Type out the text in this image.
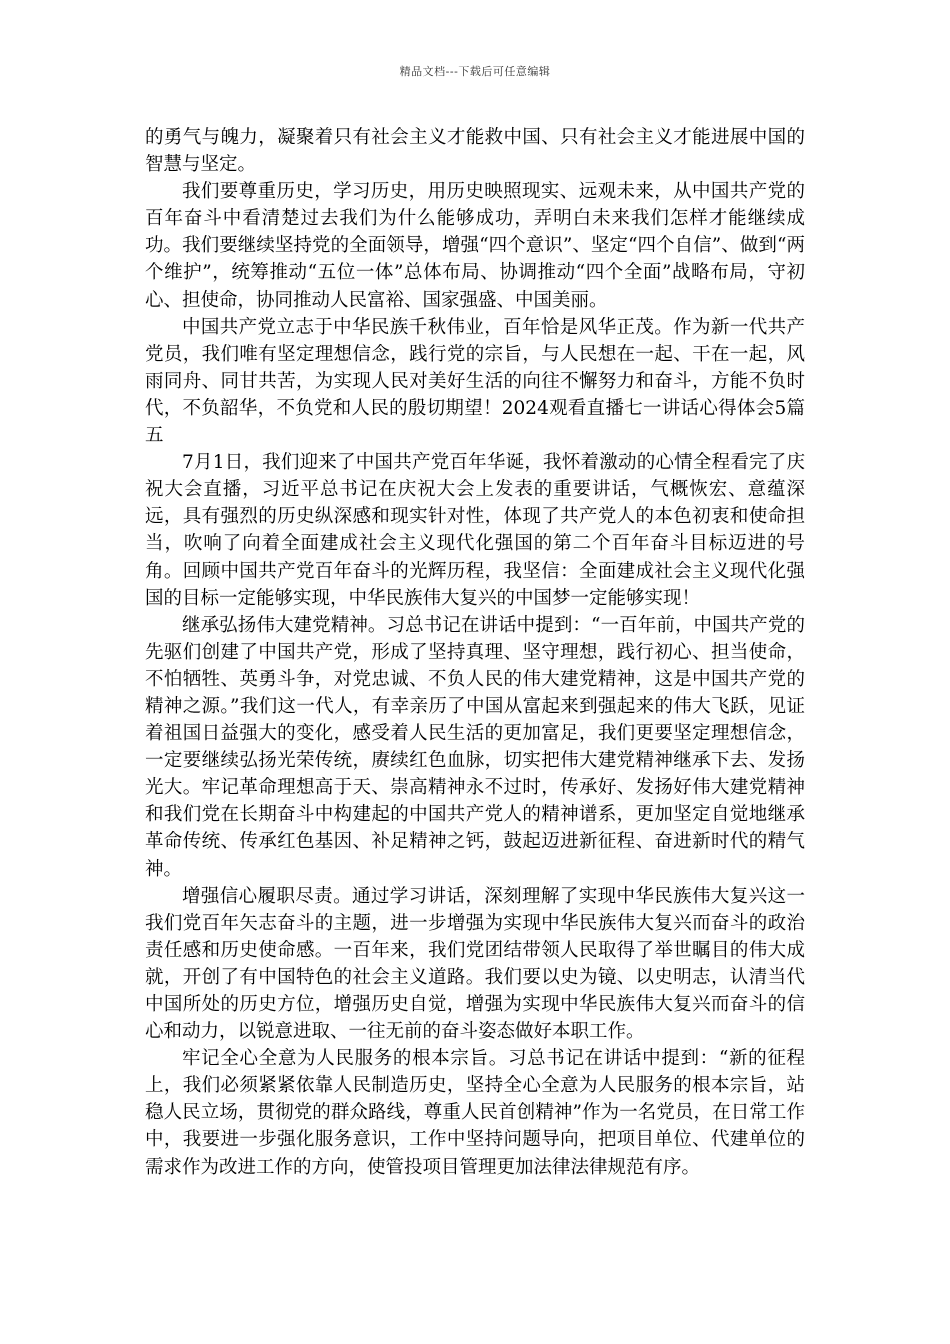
精品文档---下载后可任意编辑

的勇气与魄力，凝聚着只有社会主义才能救中国、只有社会主义才能进展中国的智慧与坚定。

我们要尊重历史，学习历史，用历史映照现实、远观未来，从中国共产党的百年奋斗中看清楚过去我们为什么能够成功，弄明白未来我们怎样才能继续成功。我们要继续坚持党的全面领导，增强“四个意识”、坚定“四个自信”、做到“两个维护”，统筹推动“五位一体”总体布局、协调推动“四个全面”战略布局，守初心、担使命，协同推动人民富裕、国家强盛、中国美丽。

中国共产党立志于中华民族千秋伟业，百年恰是风华正茂。作为新一代共产党员，我们唯有坚定理想信念，践行党的宗旨，与人民想在一起、干在一起，风雨同舟、同甘共苦，为实现人民对美好生活的向往不懈努力和奋斗，方能不负时代，不负韶华，不负党和人民的殷切期望！2024观看直播七一讲话心得体会5篇五

7月1日，我们迎来了中国共产党百年华诞，我怀着激动的心情全程看完了庆祝大会直播，习近平总书记在庆祝大会上发表的重要讲话，气概恢宏、意蕴深远，具有强烈的历史纵深感和现实针对性，体现了共产党人的本色初衷和使命担当，吹响了向着全面建成社会主义现代化强国的第二个百年奋斗目标迈进的号角。回顾中国共产党百年奋斗的光辉历程，我坚信：全面建成社会主义现代化强国的目标一定能够实现，中华民族伟大复兴的中国梦一定能够实现！

继承弘扬伟大建党精神。习总书记在讲话中提到：“一百年前，中国共产党的先驱们创建了中国共产党，形成了坚持真理、坚守理想，践行初心、担当使命，不怕牺牲、英勇斗争，对党忠诚、不负人民的伟大建党精神，这是中国共产党的精神之源。”我们这一代人，有幸亲历了中国从富起来到强起来的伟大飞跃，见证着祖国日益强大的变化，感受着人民生活的更加富足，我们更要坚定理想信念，一定要继续弘扬光荣传统，赓续红色血脉，切实把伟大建党精神继承下去、发扬光大。牢记革命理想高于天、崇高精神永不过时，传承好、发扬好伟大建党精神和我们党在长期奋斗中构建起的中国共产党人的精神谱系，更加坚定自觉地继承革命传统、传承红色基因、补足精神之钙，鼓起迈进新征程、奋进新时代的精气神。

增强信心履职尽责。通过学习讲话，深刻理解了实现中华民族伟大复兴这一我们党百年矢志奋斗的主题，进一步增强为实现中华民族伟大复兴而奋斗的政治责任感和历史使命感。一百年来，我们党团结带领人民取得了举世瞩目的伟大成就，开创了有中国特色的社会主义道路。我们要以史为镜、以史明志，认清当代中国所处的历史方位，增强历史自觉，增强为实现中华民族伟大复兴而奋斗的信心和动力，以锐意进取、一往无前的奋斗姿态做好本职工作。

牢记全心全意为人民服务的根本宗旨。习总书记在讲话中提到：“新的征程上，我们必须紧紧依靠人民制造历史，坚持全心全意为人民服务的根本宗旨，站稳人民立场，贯彻党的群众路线，尊重人民首创精神”作为一名党员，在日常工作中，我要进一步强化服务意识，工作中坚持问题导向，把项目单位、代建单位的需求作为改进工作的方向，使管投项目管理更加法律法律规范有序。
